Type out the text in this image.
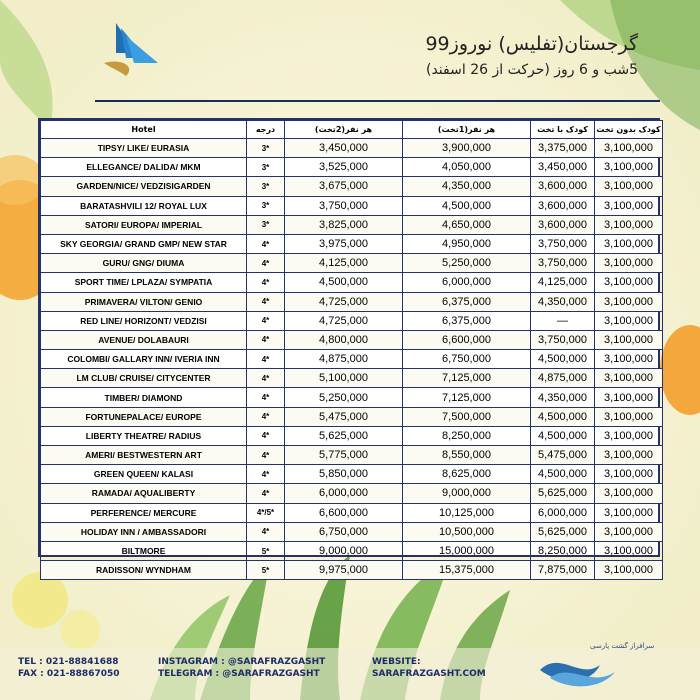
گرجستان(تفلیس) نوروز99
5شب و 6 روز (حرکت از 26 اسفند)
Hotel	درجه	هر نفر(2تخت)	هر نفر(1تخت)	کودک با تخت	کودک بدون تخت
TIPSY/ LIKE/ EURASIA	3*	3,450,000	3,900,000	3,375,000	3,100,000
ELLEGANCE/ DALIDA/ MKM	3*	3,525,000	4,050,000	3,450,000	3,100,000
GARDEN/NICE/ VEDZISIGARDEN	3*	3,675,000	4,350,000	3,600,000	3,100,000
BARATASHVILI 12/ ROYAL LUX	3*	3,750,000	4,500,000	3,600,000	3,100,000
SATORI/ EUROPA/ IMPERIAL	3*	3,825,000	4,650,000	3,600,000	3,100,000
SKY GEORGIA/ GRAND GMP/ NEW STAR	4*	3,975,000	4,950,000	3,750,000	3,100,000
GURU/ GNG/ DIUMA	4*	4,125,000	5,250,000	3,750,000	3,100,000
SPORT TIME/ LPLAZA/ SYMPATIA	4*	4,500,000	6,000,000	4,125,000	3,100,000
PRIMAVERA/ VILTON/ GENIO	4*	4,725,000	6,375,000	4,350,000	3,100,000
RED LINE/ HORIZONT/ VEDZISI	4*	4,725,000	6,375,000	—	3,100,000
AVENUE/ DOLABAURI	4*	4,800,000	6,600,000	3,750,000	3,100,000
COLOMBI/ GALLARY INN/ IVERIA INN	4*	4,875,000	6,750,000	4,500,000	3,100,000
LM CLUB/ CRUISE/ CITYCENTER	4*	5,100,000	7,125,000	4,875,000	3,100,000
TIMBER/ DIAMOND	4*	5,250,000	7,125,000	4,350,000	3,100,000
FORTUNEPALACE/ EUROPE	4*	5,475,000	7,500,000	4,500,000	3,100,000
LIBERTY THEATRE/ RADIUS	4*	5,625,000	8,250,000	4,500,000	3,100,000
AMERI/ BESTWESTERN ART	4*	5,775,000	8,550,000	5,475,000	3,100,000
GREEN QUEEN/ KALASI	4*	5,850,000	8,625,000	4,500,000	3,100,000
RAMADA/ AQUALIBERTY	4*	6,000,000	9,000,000	5,625,000	3,100,000
PERFERENCE/ MERCURE	4*/5*	6,600,000	10,125,000	6,000,000	3,100,000
HOLIDAY INN / AMBASSADORI	4*	6,750,000	10,500,000	5,625,000	3,100,000
BILTMORE	5*	9,000,000	15,000,000	8,250,000	3,100,000
RADISSON/ WYNDHAM	5*	9,975,000	15,375,000	7,875,000	3,100,000
TEL : 021-88841688
FAX : 021-88867050
INSTAGRAM : @SARAFRAZGASHT
TELEGRAM : @SARAFRAZGASHT
WEBSITE:
SARAFRAZGASHT.COM
سرافراز گشت پارسی
